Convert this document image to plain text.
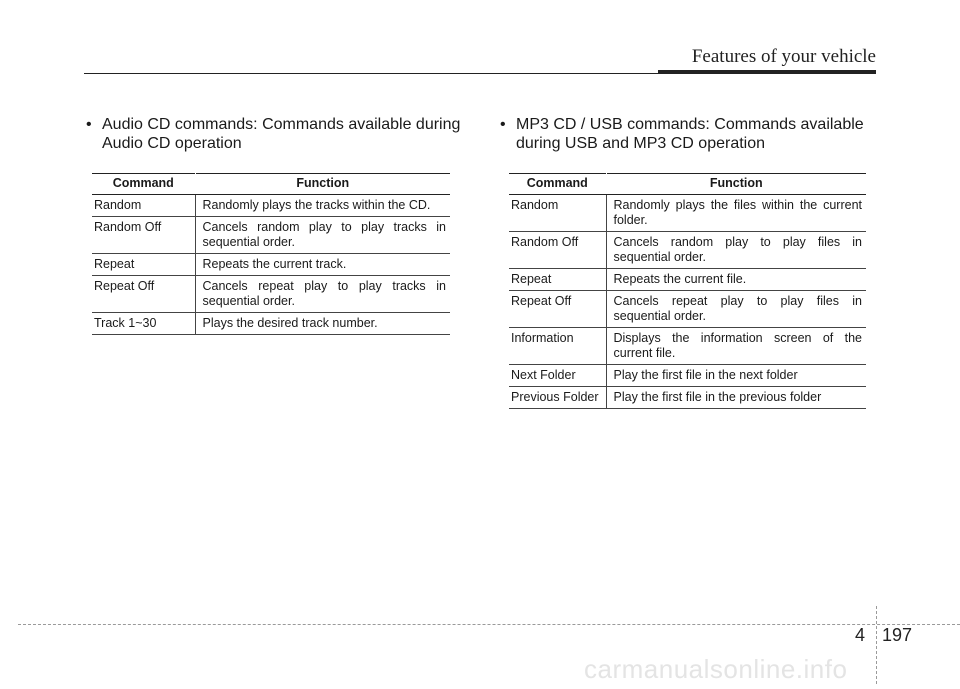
Features of your vehicle
• Audio CD commands: Commands available during Audio CD operation
Command	Function
Random	Randomly plays the tracks within the CD.
Random Off	Cancels random play to play tracks in sequential order.
Repeat	Repeats the current track.
Repeat Off	Cancels repeat play to play tracks in sequential order.
Track 1~30	Plays the desired track number.
• MP3 CD / USB commands: Commands available during USB and MP3 CD operation
Command	Function
Random	Randomly plays the files within the current folder.
Random Off	Cancels random play to play files in sequential order.
Repeat	Repeats the current file.
Repeat Off	Cancels repeat play to play files in sequential order.
Information	Displays the information screen of the current file.
Next Folder	Play the first file in the next folder
Previous Folder	Play the first file in the previous folder
4 197
carmanualsonline.info
